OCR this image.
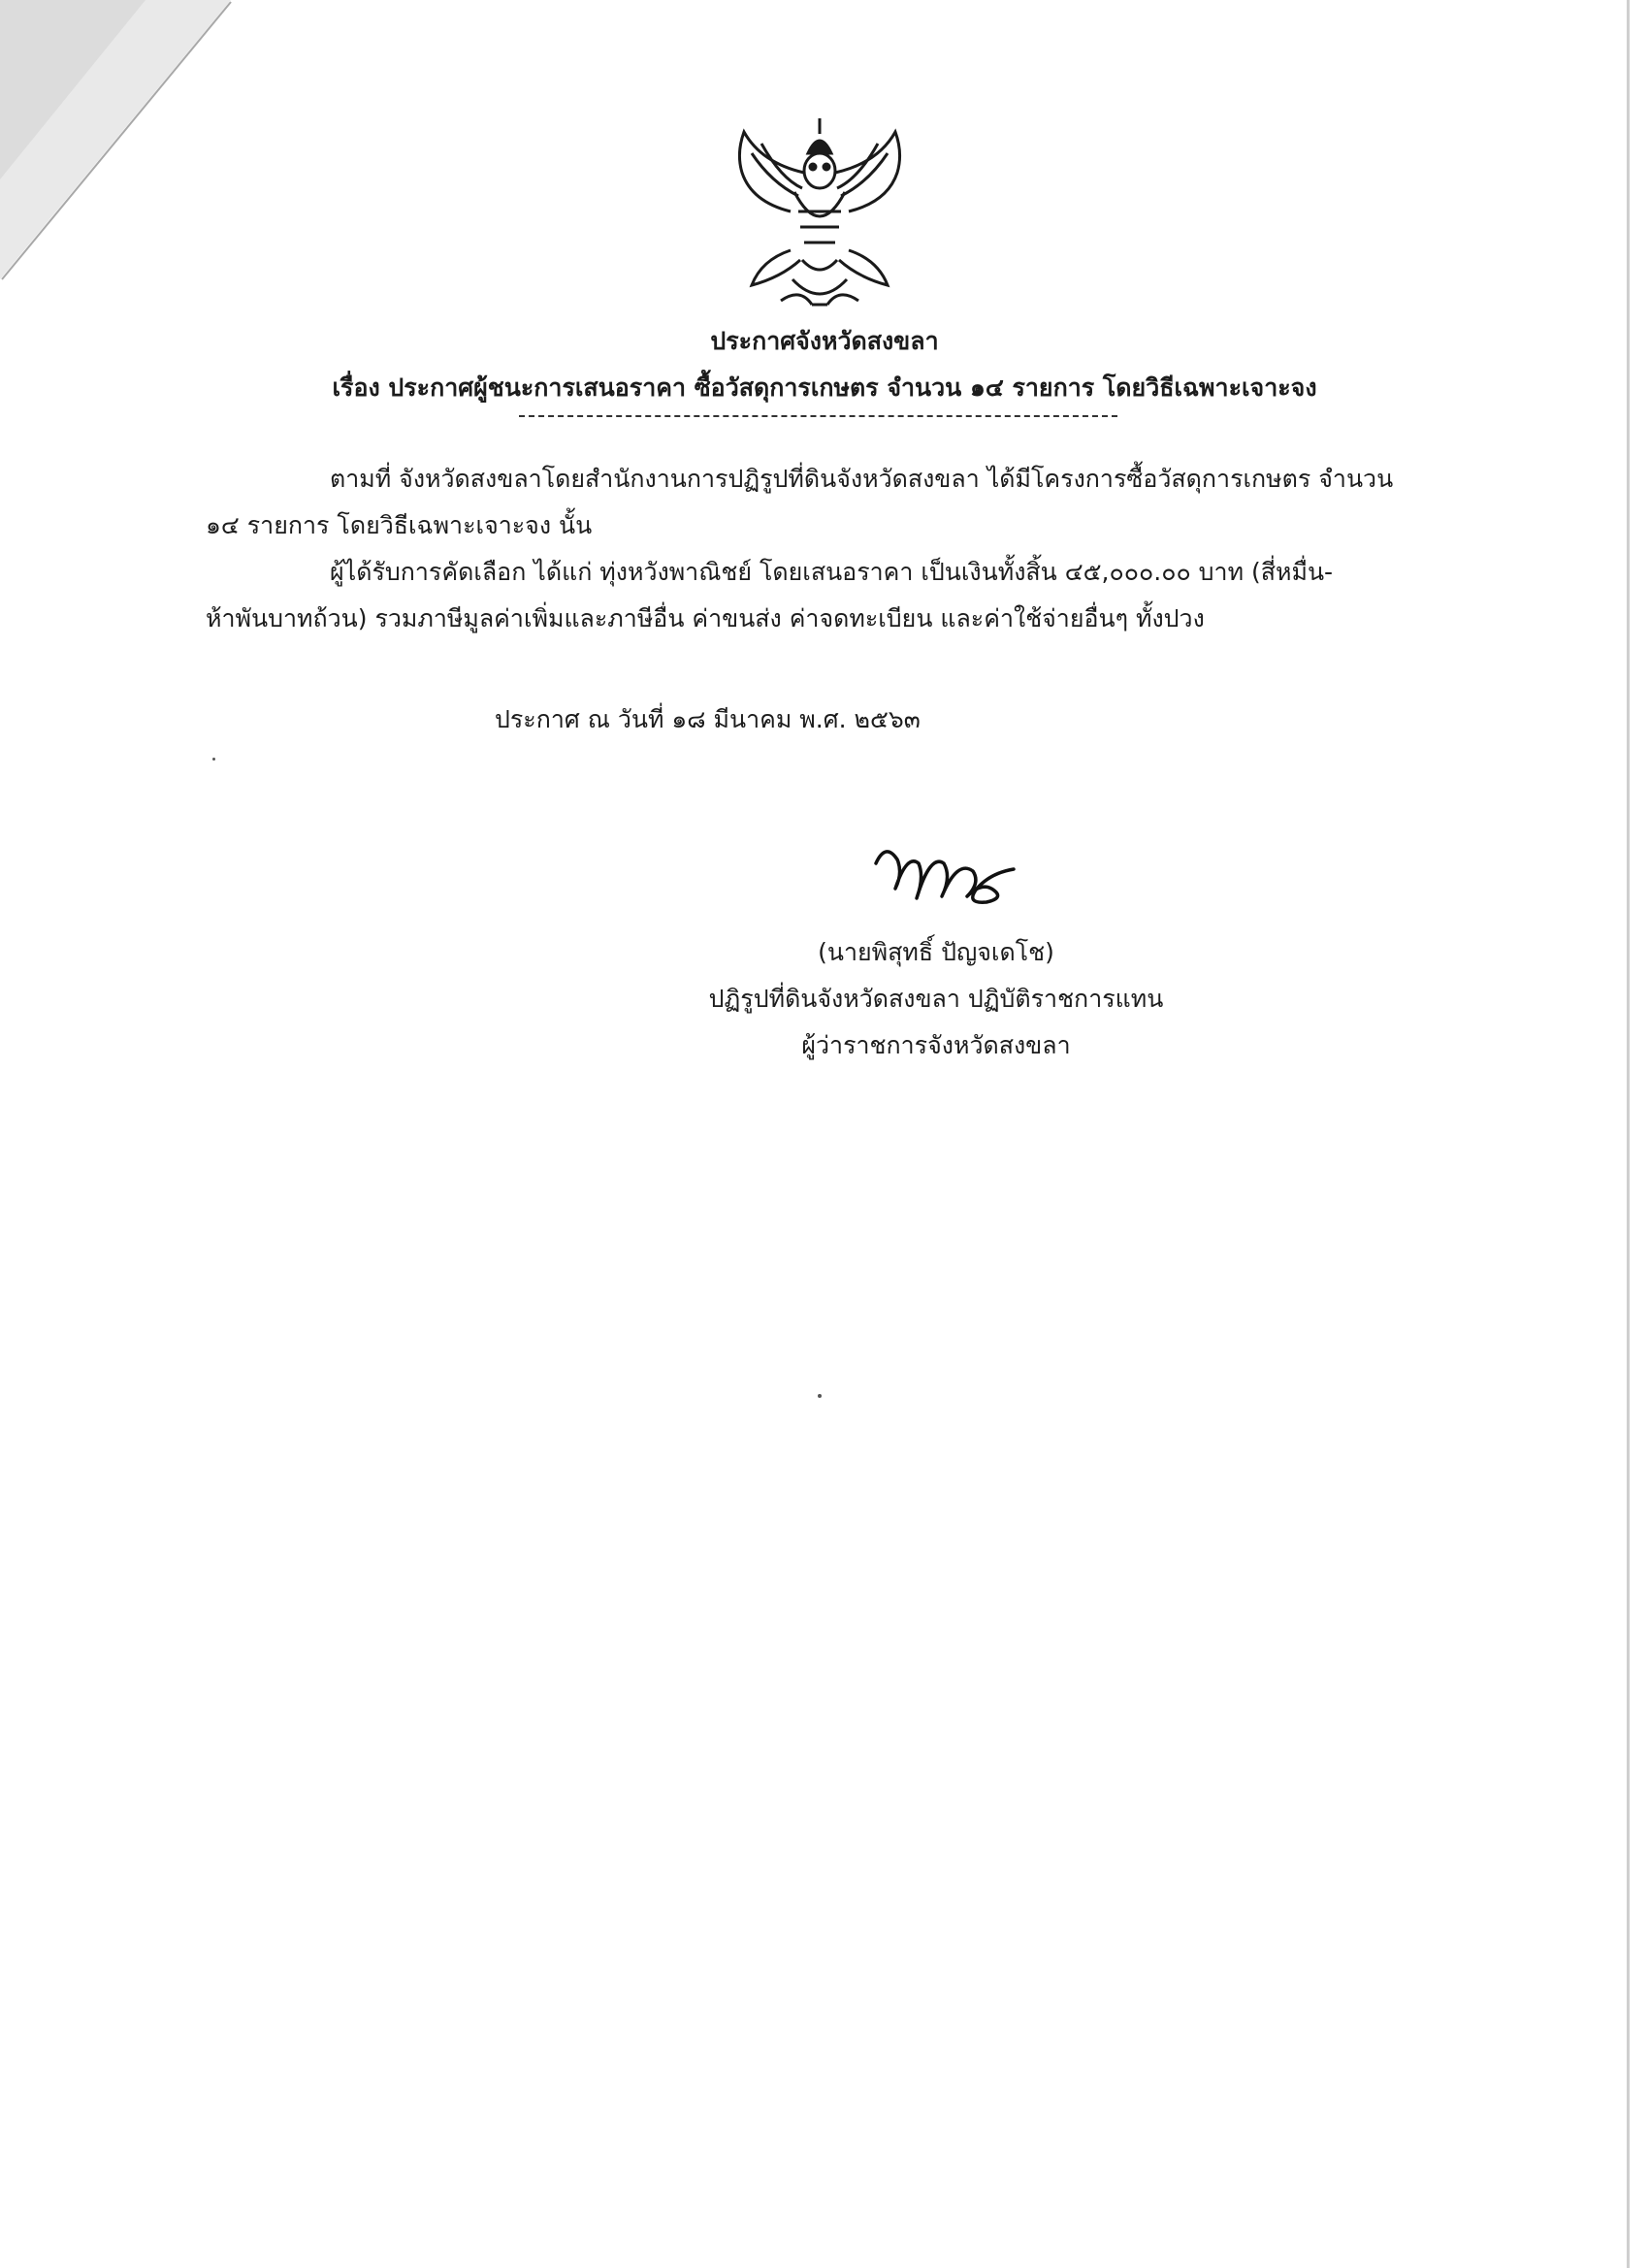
ประกาศจังหวัดสงขลา
เรื่อง ประกาศผู้ชนะการเสนอราคา ซื้อวัสดุการเกษตร จำนวน ๑๔ รายการ โดยวิธีเฉพาะเจาะจง
ตามที่ จังหวัดสงขลาโดยสำนักงานการปฏิรูปที่ดินจังหวัดสงขลา ได้มีโครงการซื้อวัสดุการเกษตร จำนวน
๑๔ รายการ โดยวิธีเฉพาะเจาะจง นั้น
ผู้ได้รับการคัดเลือก ได้แก่ ทุ่งหวังพาณิชย์ โดยเสนอราคา เป็นเงินทั้งสิ้น ๔๕,๐๐๐.๐๐ บาท (สี่หมื่น-
ห้าพันบาทถ้วน) รวมภาษีมูลค่าเพิ่มและภาษีอื่น ค่าขนส่ง ค่าจดทะเบียน และค่าใช้จ่ายอื่นๆ ทั้งปวง
ประกาศ ณ วันที่ ๑๘ มีนาคม พ.ศ. ๒๕๖๓
(นายพิสุทธิ์ ปัญจเดโช)
ปฏิรูปที่ดินจังหวัดสงขลา ปฏิบัติราชการแทน
ผู้ว่าราชการจังหวัดสงขลา
